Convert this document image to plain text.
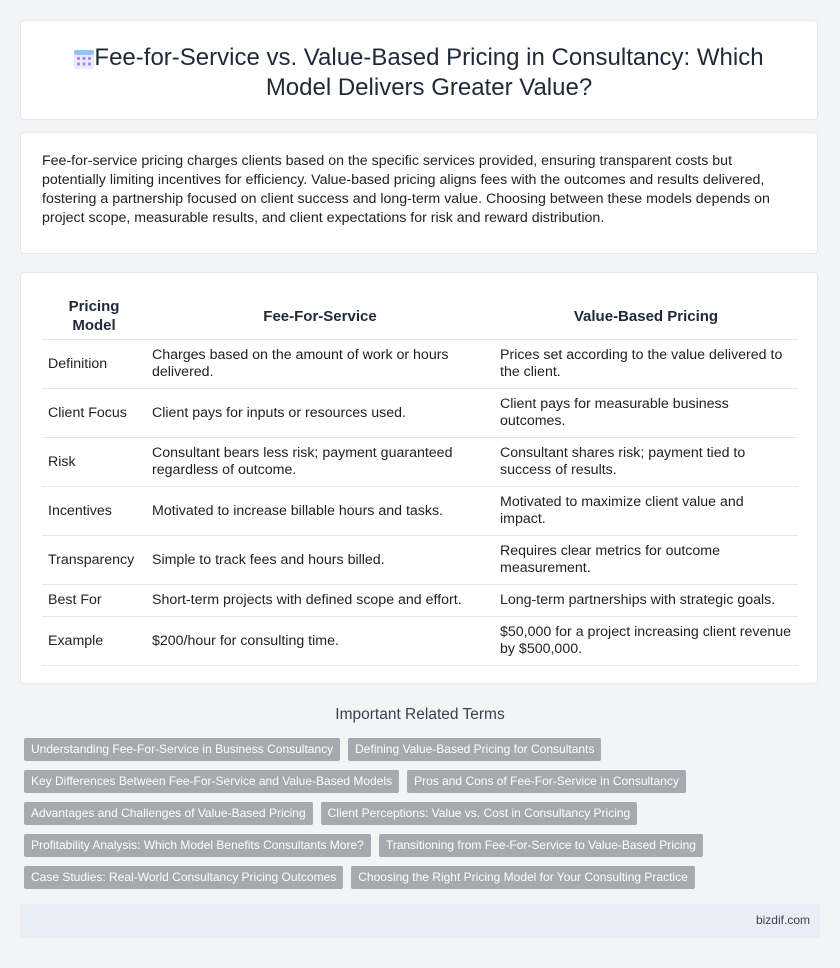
Fee-for-Service vs. Value-Based Pricing in Consultancy: Which Model Delivers Greater Value?

Fee-for-service pricing charges clients based on the specific services provided, ensuring transparent costs but potentially limiting incentives for efficiency. Value-based pricing aligns fees with the outcomes and results delivered, fostering a partnership focused on client success and long-term value. Choosing between these models depends on project scope, measurable results, and client expectations for risk and reward distribution.

Pricing Model	Fee-For-Service	Value-Based Pricing
Definition	Charges based on the amount of work or hours delivered.	Prices set according to the value delivered to the client.
Client Focus	Client pays for inputs or resources used.	Client pays for measurable business outcomes.
Risk	Consultant bears less risk; payment guaranteed regardless of outcome.	Consultant shares risk; payment tied to success of results.
Incentives	Motivated to increase billable hours and tasks.	Motivated to maximize client value and impact.
Transparency	Simple to track fees and hours billed.	Requires clear metrics for outcome measurement.
Best For	Short-term projects with defined scope and effort.	Long-term partnerships with strategic goals.
Example	$200/hour for consulting time.	$50,000 for a project increasing client revenue by $500,000.
Important Related Terms
Understanding Fee-For-Service in Business Consultancy Defining Value-Based Pricing for Consultants
Key Differences Between Fee-For-Service and Value-Based Models Pros and Cons of Fee-For-Service in Consultancy
Advantages and Challenges of Value-Based Pricing Client Perceptions: Value vs. Cost in Consultancy Pricing
Profitability Analysis: Which Model Benefits Consultants More? Transitioning from Fee-For-Service to Value-Based Pricing
Case Studies: Real-World Consultancy Pricing Outcomes Choosing the Right Pricing Model for Your Consulting Practice
bizdif.com
